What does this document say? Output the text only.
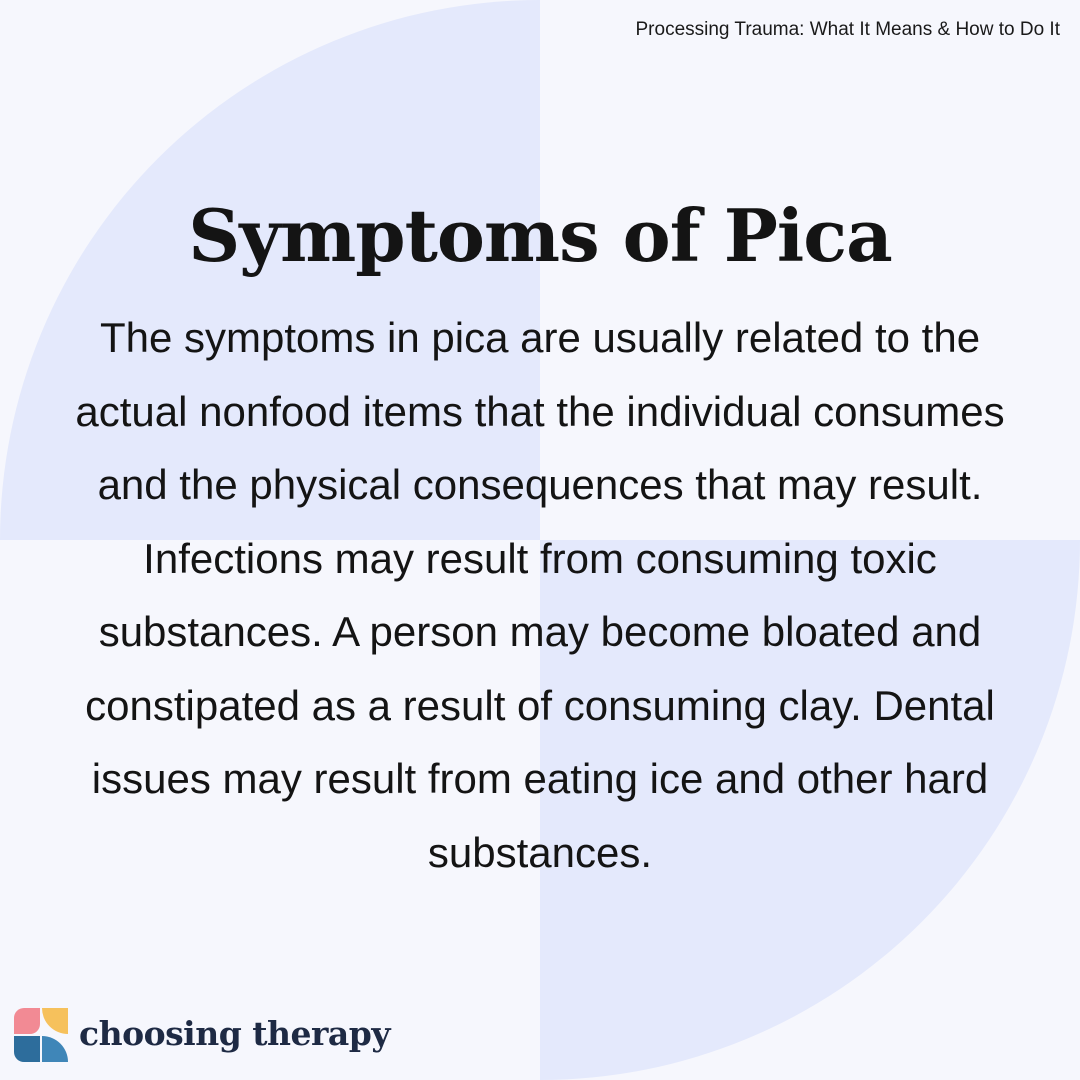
Processing Trauma: What It Means & How to Do It
Symptoms of Pica

The symptoms in pica are usually related to the actual nonfood items that the individual consumes and the physical consequences that may result. Infections may result from consuming toxic substances. A person may become bloated and constipated as a result of consuming clay. Dental issues may result from eating ice and other hard substances.

choosing therapy
